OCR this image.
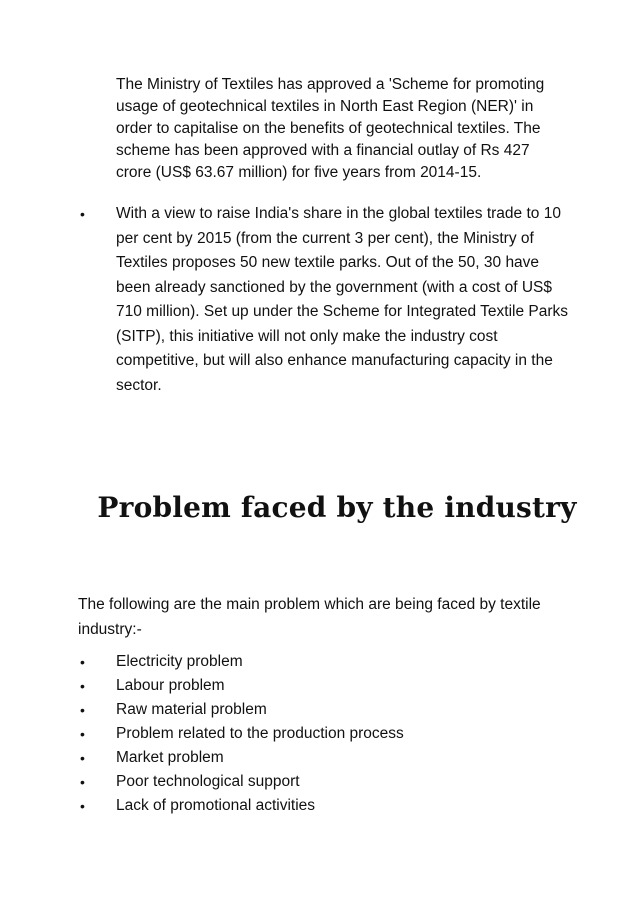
The Ministry of Textiles has approved a 'Scheme for promoting usage of geotechnical textiles in North East Region (NER)' in order to capitalise on the benefits of geotechnical textiles. The scheme has been approved with a financial outlay of Rs 427 crore (US$ 63.67 million) for five years from 2014-15.

• With a view to raise India's share in the global textiles trade to 10 per cent by 2015 (from the current 3 per cent), the Ministry of Textiles proposes 50 new textile parks. Out of the 50, 30 have been already sanctioned by the government (with a cost of US$ 710 million). Set up under the Scheme for Integrated Textile Parks (SITP), this initiative will not only make the industry cost competitive, but will also enhance manufacturing capacity in the sector.
Problem faced by the industry

The following are the main problem which are being faced by textile industry:-

• Electricity problem
• Labour problem
• Raw material problem
• Problem related to the production process
• Market problem
• Poor technological support
• Lack of promotional activities
